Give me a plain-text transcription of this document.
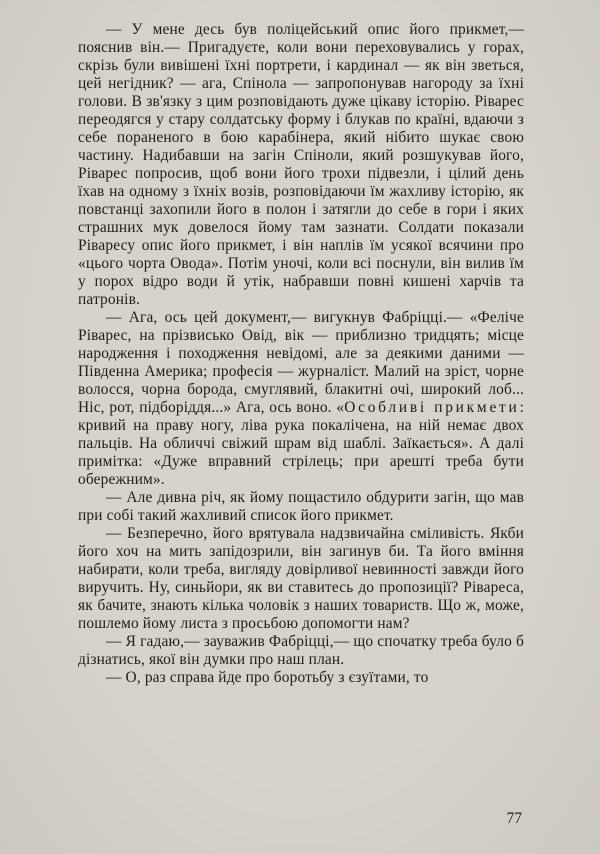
— У мене десь був поліцейський опис його прикмет,— пояснив він.— Пригадуєте, коли вони переховувались у горах, скрізь були вивішені їхні портрети, і кардинал — як він зветься, цей негідник? — ага, Спінола — запропонував нагороду за їхні голови. В зв'язку з цим розповідають дуже цікаву історію. Ріварес переодягся у стару солдатську форму і блукав по країні, вдаючи з себе пораненого в бою карабінера, який нібито шукає свою частину. Надибавши на загін Спіноли, який розшукував його, Ріварес попросив, щоб вони його трохи підвезли, і цілий день їхав на одному з їхніх возів, розповідаючи їм жахливу історію, як повстанці захопили його в полон і затягли до себе в гори і яких страшних мук довелося йому там зазнати. Солдати показали Ріваресу опис його прикмет, і він наплів їм усякої всячини про «цього чорта Овода». Потім уночі, коли всі поснули, він вилив їм у порох відро води й утік, набравши повні кишені харчів та патронів.

— Ага, ось цей документ,— вигукнув Фабріцці.— «Феліче Ріварес, на прізвисько Овід, вік — приблизно тридцять; місце народження і походження невідомі, але за деякими даними — Південна Америка; професія — журналіст. Малий на зріст, чорне волосся, чорна борода, смуглявий, блакитні очі, широкий лоб... Ніс, рот, підборіддя...» Ага, ось воно. «Особливі прикмети: кривий на праву ногу, ліва рука покалічена, на ній немає двох пальців. На обличчі свіжий шрам від шаблі. Заїкається». А далі примітка: «Дуже вправний стрілець; при арешті треба бути обережним».

— Але дивна річ, як йому пощастило обдурити загін, що мав при собі такий жахливий список його прикмет.

— Безперечно, його врятувала надзвичайна сміливість. Якби його хоч на мить запідозрили, він загинув би. Та його вміння набирати, коли треба, вигляду довірливої невинності завжди його виручить. Ну, синьйори, як ви ставитесь до пропозиції? Рівареса, як бачите, знають кілька чоловік з наших товариств. Що ж, може, пошлемо йому листа з просьбою допомогти нам?

— Я гадаю,— зауважив Фабріцці,— що спочатку треба було б дізнатись, якої він думки про наш план.

— О, раз справа йде про боротьбу з єзуїтами, то

77
